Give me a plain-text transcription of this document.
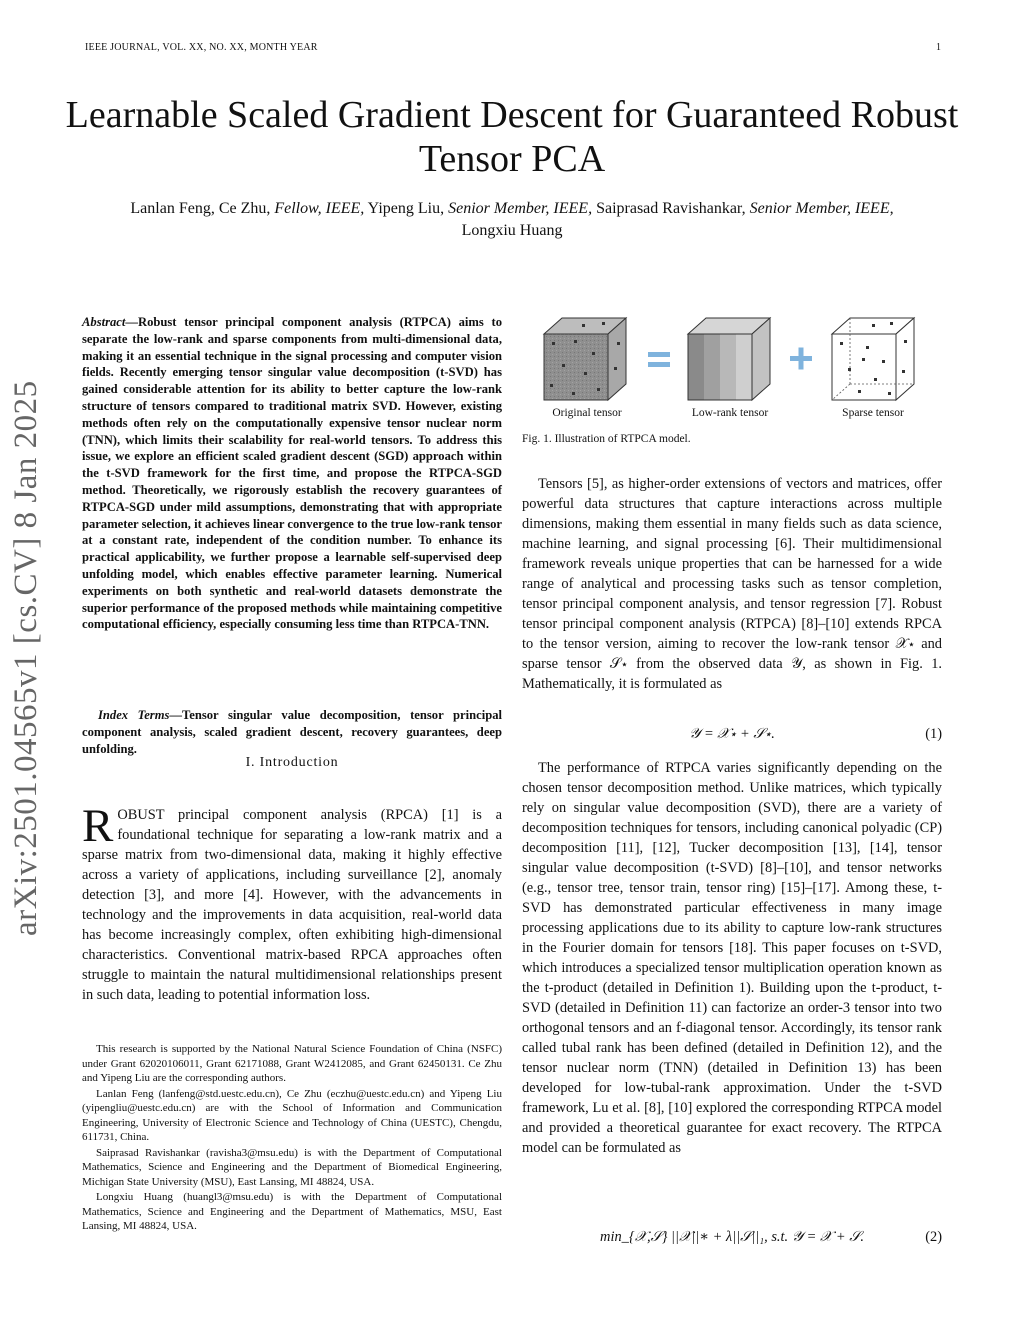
IEEE JOURNAL, VOL. XX, NO. XX, MONTH YEAR	1
Learnable Scaled Gradient Descent for Guaranteed Robust Tensor PCA
Lanlan Feng, Ce Zhu, Fellow, IEEE, Yipeng Liu, Senior Member, IEEE, Saiprasad Ravishankar, Senior Member, IEEE, Longxiu Huang
arXiv:2501.04565v1 [cs.CV] 8 Jan 2025
Abstract—Robust tensor principal component analysis (RTPCA) aims to separate the low-rank and sparse components from multi-dimensional data, making it an essential technique in the signal processing and computer vision fields. Recently emerging tensor singular value decomposition (t-SVD) has gained considerable attention for its ability to better capture the low-rank structure of tensors compared to traditional matrix SVD. However, existing methods often rely on the computationally expensive tensor nuclear norm (TNN), which limits their scalability for real-world tensors. To address this issue, we explore an efficient scaled gradient descent (SGD) approach within the t-SVD framework for the first time, and propose the RTPCA-SGD method. Theoretically, we rigorously establish the recovery guarantees of RTPCA-SGD under mild assumptions, demonstrating that with appropriate parameter selection, it achieves linear convergence to the true low-rank tensor at a constant rate, independent of the condition number. To enhance its practical applicability, we further propose a learnable self-supervised deep unfolding model, which enables effective parameter learning. Numerical experiments on both synthetic and real-world datasets demonstrate the superior performance of the proposed methods while maintaining competitive computational efficiency, especially consuming less time than RTPCA-TNN.
Index Terms—Tensor singular value decomposition, tensor principal component analysis, scaled gradient descent, recovery guarantees, deep unfolding.
I. Introduction
ROBUST principal component analysis (RPCA) [1] is a foundational technique for separating a low-rank matrix and a sparse matrix from two-dimensional data, making it highly effective across a variety of applications, including surveillance [2], anomaly detection [3], and more [4]. However, with the advancements in technology and the improvements in data acquisition, real-world data has become increasingly complex, often exhibiting high-dimensional characteristics. Conventional matrix-based RPCA approaches often struggle to maintain the natural multidimensional relationships present in such data, leading to potential information loss.

This research is supported by the National Natural Science Foundation of China (NSFC) under Grant 62020106011, Grant 62171088, Grant W2412085, and Grant 62450131. Ce Zhu and Yipeng Liu are the corresponding authors.

Lanlan Feng (lanfeng@std.uestc.edu.cn), Ce Zhu (eczhu@uestc.edu.cn) and Yipeng Liu (yipengliu@uestc.edu.cn) are with the School of Information and Communication Engineering, University of Electronic Science and Technology of China (UESTC), Chengdu, 611731, China.

Saiprasad Ravishankar (ravisha3@msu.edu) is with the Department of Computational Mathematics, Science and Engineering and the Department of Biomedical Engineering, Michigan State University (MSU), East Lansing, MI 48824, USA.

Longxiu Huang (huangl3@msu.edu) is with the Department of Computational Mathematics, Science and Engineering and the Department of Mathematics, MSU, East Lansing, MI 48824, USA.

Original tensor	Low-rank tensor	Sparse tensor
Fig. 1. Illustration of RTPCA model.

Tensors [5], as higher-order extensions of vectors and matrices, offer powerful data structures that capture interactions across multiple dimensions, making them essential in many fields such as data science, machine learning, and signal processing [6]. Their multidimensional framework reveals unique properties that can be harnessed for a wide range of analytical and processing tasks such as tensor completion, tensor principal component analysis, and tensor regression [7]. Robust tensor principal component analysis (RTPCA) [8]–[10] extends RPCA to the tensor version, aiming to recover the low-rank tensor 𝒳⋆ and sparse tensor 𝒮⋆ from the observed data 𝒴, as shown in Fig. 1. Mathematically, it is formulated as

𝒴 = 𝒳⋆ + 𝒮⋆.	(1)

The performance of RTPCA varies significantly depending on the chosen tensor decomposition method. Unlike matrices, which typically rely on singular value decomposition (SVD), there are a variety of decomposition techniques for tensors, including canonical polyadic (CP) decomposition [11], [12], Tucker decomposition [13], [14], tensor singular value decomposition (t-SVD) [8]–[10], and tensor networks (e.g., tensor tree, tensor train, tensor ring) [15]–[17]. Among these, t-SVD has demonstrated particular effectiveness in many image processing applications due to its ability to capture low-rank structures in the Fourier domain for tensors [18]. This paper focuses on t-SVD, which introduces a specialized tensor multiplication operation known as the t-product (detailed in Definition 1). Building upon the t-product, t-SVD (detailed in Definition 11) can factorize an order-3 tensor into two orthogonal tensors and an f-diagonal tensor. Accordingly, its tensor rank called tubal rank has been defined (detailed in Definition 12), and the tensor nuclear norm (TNN) (detailed in Definition 13) has been developed for low-tubal-rank approximation. Under the t-SVD framework, Lu et al. [8], [10] explored the corresponding RTPCA model and provided a theoretical guarantee for exact recovery. The RTPCA model can be formulated as

min_{𝒳,𝒮} ||𝒳||∗ + λ||𝒮||₁, s.t. 𝒴 = 𝒳 + 𝒮.	(2)
